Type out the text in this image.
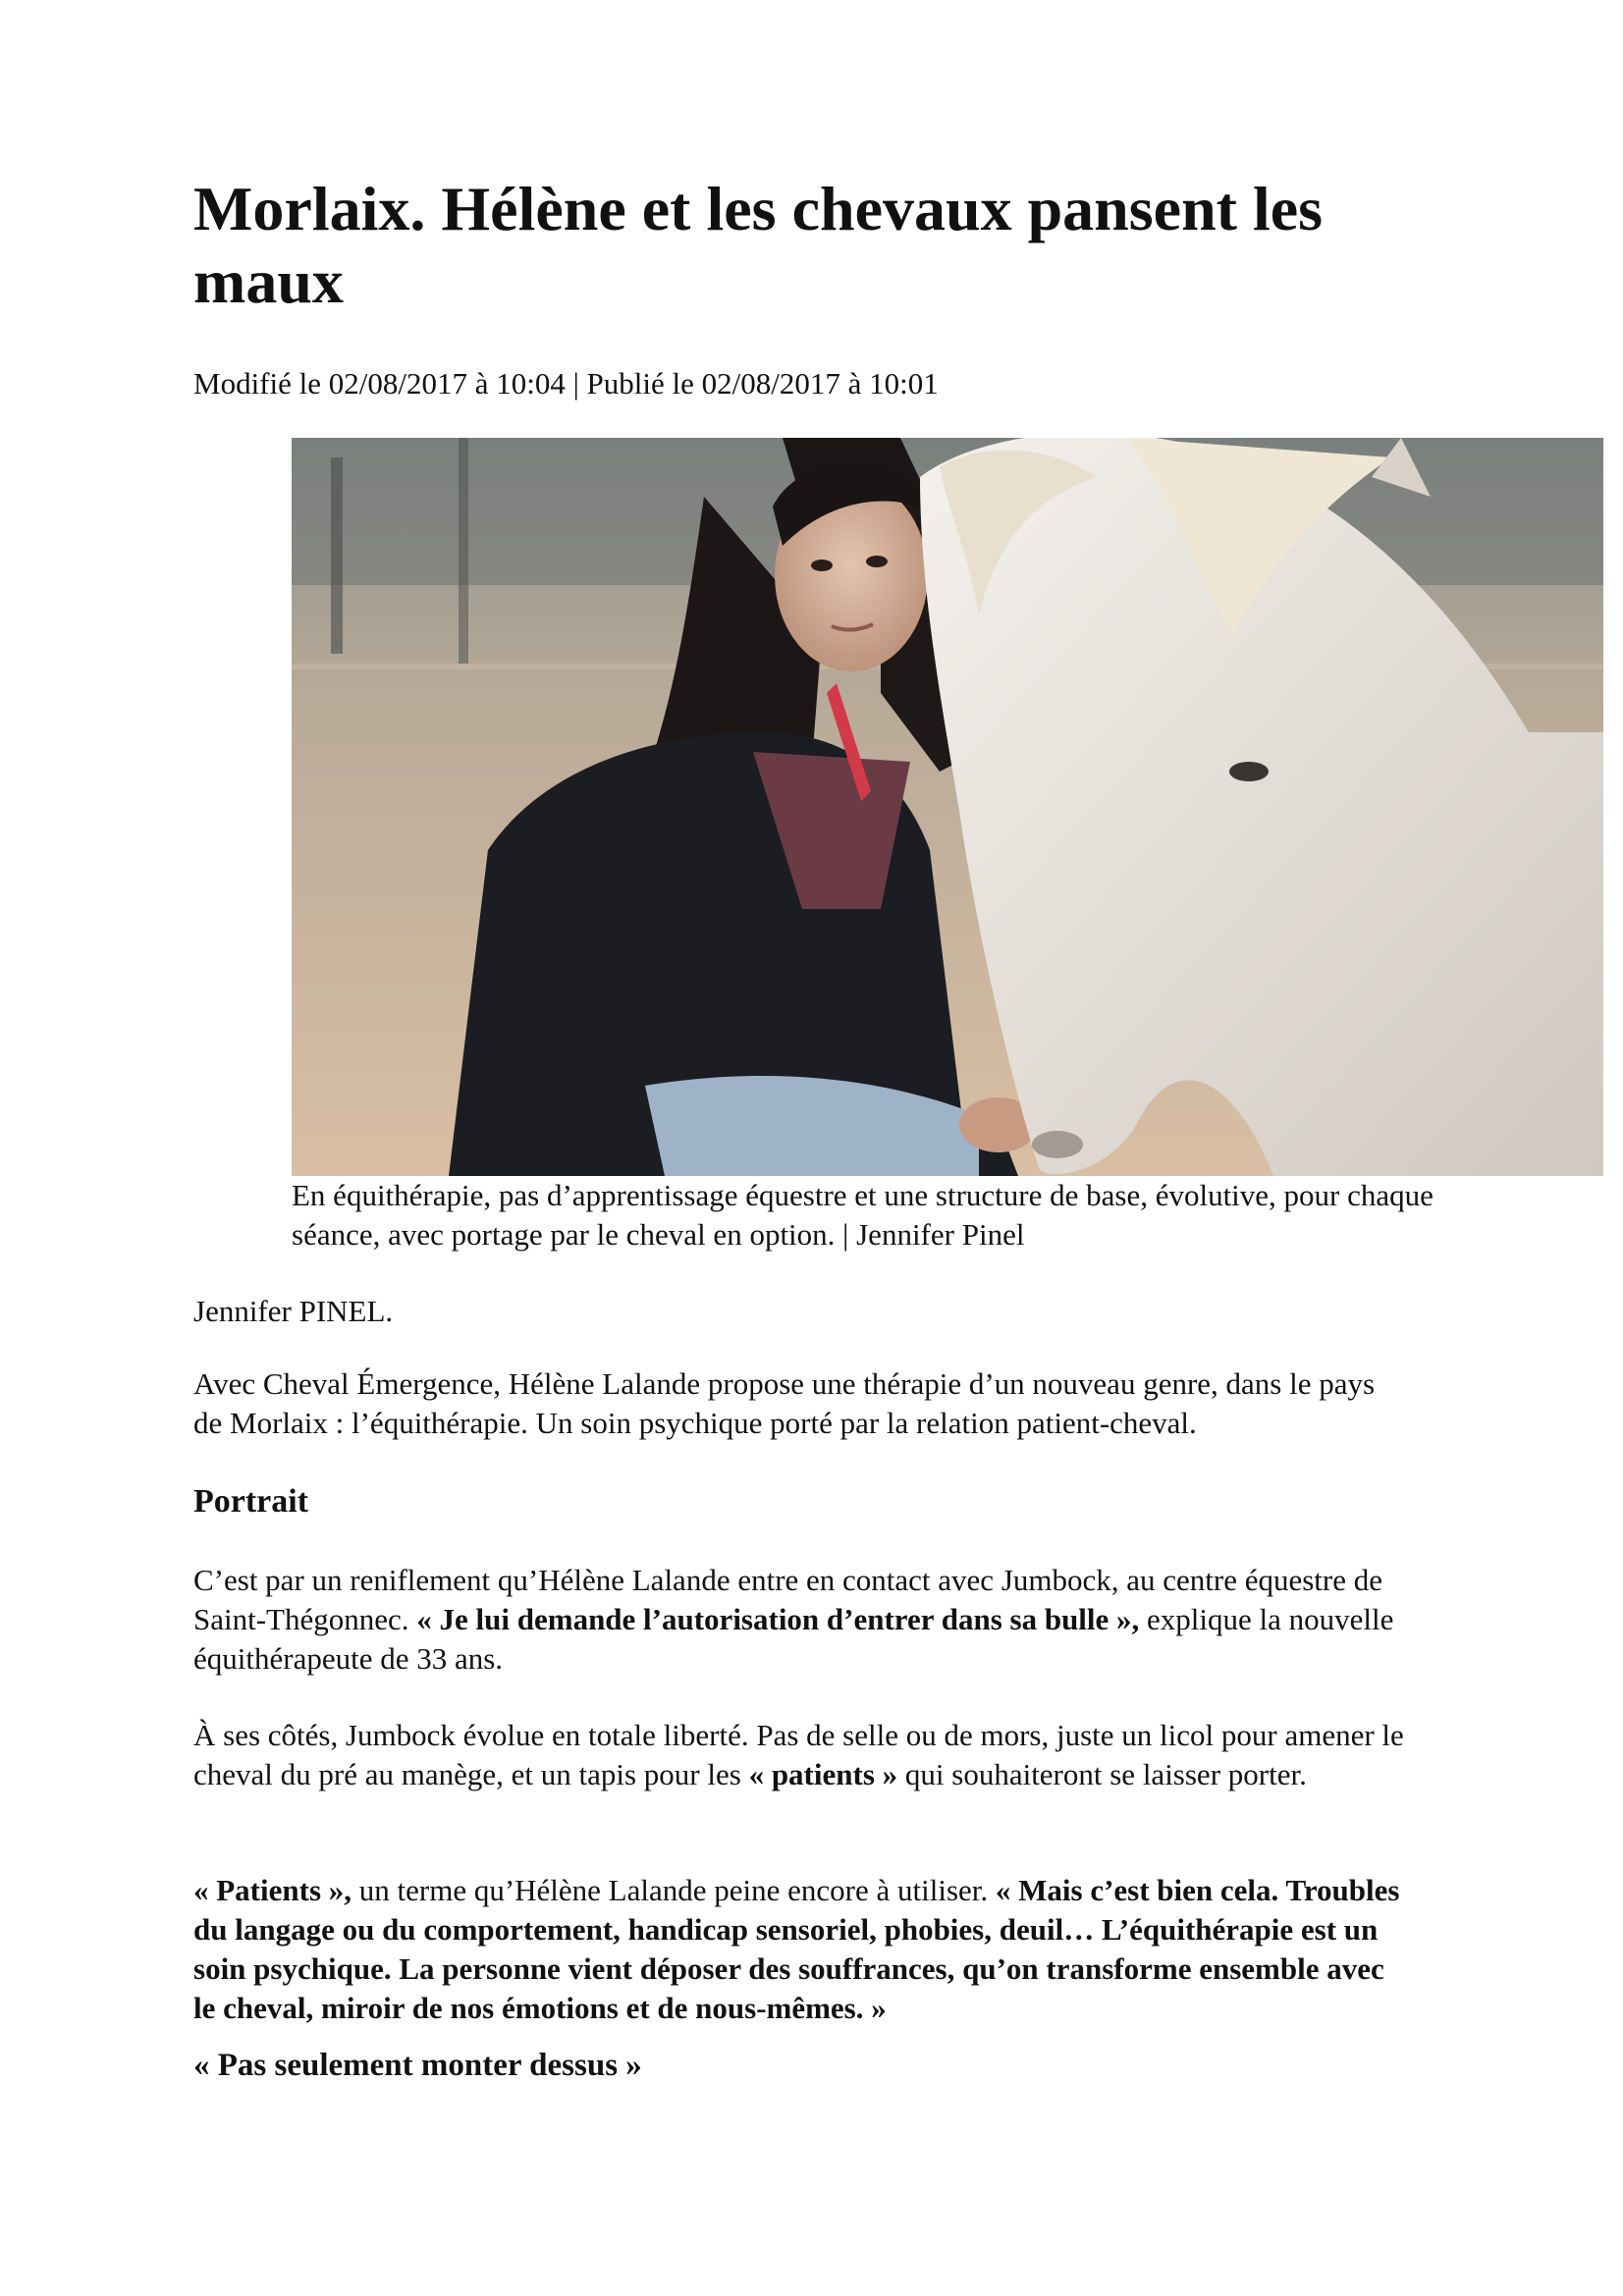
Morlaix. Hélène et les chevaux pansent les maux
Modifié le 02/08/2017 à 10:04 | Publié le 02/08/2017 à 10:01
En équithérapie, pas d’apprentissage équestre et une structure de base, évolutive, pour chaque séance, avec portage par le cheval en option. | Jennifer Pinel
Jennifer PINEL.

Avec Cheval Émergence, Hélène Lalande propose une thérapie d’un nouveau genre, dans le pays de Morlaix : l’équithérapie. Un soin psychique porté par la relation patient-cheval.

Portrait

C’est par un reniflement qu’Hélène Lalande entre en contact avec Jumbock, au centre équestre de Saint-Thégonnec. « Je lui demande l’autorisation d’entrer dans sa bulle », explique la nouvelle équithérapeute de 33 ans.

À ses côtés, Jumbock évolue en totale liberté. Pas de selle ou de mors, juste un licol pour amener le cheval du pré au manège, et un tapis pour les « patients » qui souhaiteront se laisser porter.

« Patients », un terme qu’Hélène Lalande peine encore à utiliser. « Mais c’est bien cela. Troubles du langage ou du comportement, handicap sensoriel, phobies, deuil… L’équithérapie est un soin psychique. La personne vient déposer des souffrances, qu’on transforme ensemble avec le cheval, miroir de nos émotions et de nous-mêmes. »

« Pas seulement monter dessus »
